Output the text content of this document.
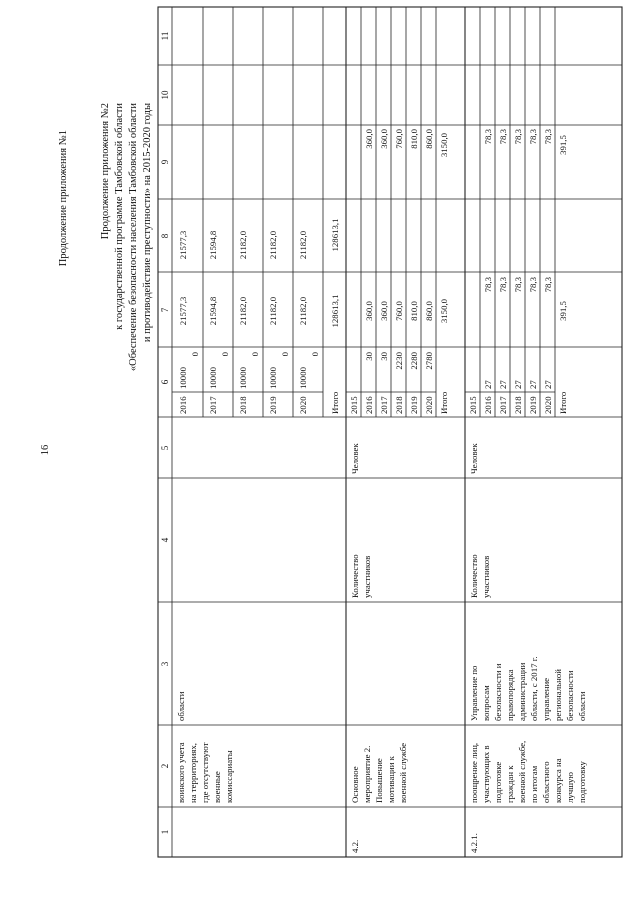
16
Продолжение приложения №1	Продолжение приложения №2 к государственной программе Тамбовской области «Обеспечение безопасности населения Тамбовской области и противодействие преступности» на 2015-2020 годы
1
2
3
4
5
6
7
8
9
10
11
воинского учета на территориях, где отсутствуют военные комиссариаты
области
2016
10000
0
21577,3
21577,3
2017
10000
0
21594,8
21594,8
2018
10000
0
21182,0
21182,0
2019
10000
0
21182,0
21182,0
2020
10000
0
21182,0
21182,0
Итого
128613,1
128613,1
4.2.
Основное мероприятие 2. Повышение мотивации к военной службе
Количество участников
Человек
2015 2016
30
360,0
360,0
2017
30
360,0
360,0
2018
2230
760,0
760,0
2019
2280
810,0
810,0
2020
2780
860,0
860,0
Итого
3150,0
3150,0
4.2.1.
поощрение лиц, участвующих в подготовке граждан к военной службе, по итогам областного конкурса на лучшую подготовку
Управление по вопросам безопасности и правопорядка администрации области, с 2017 г. управление региональной безопасности области
Количество участников
Человек
2015 2016
27
78,3
78,3
2017
27
78,3
78,3
2018
27
78,3
78,3
2019
27
78,3
78,3
2020
27
78,3
78,3
Итого
391,5
391,5
